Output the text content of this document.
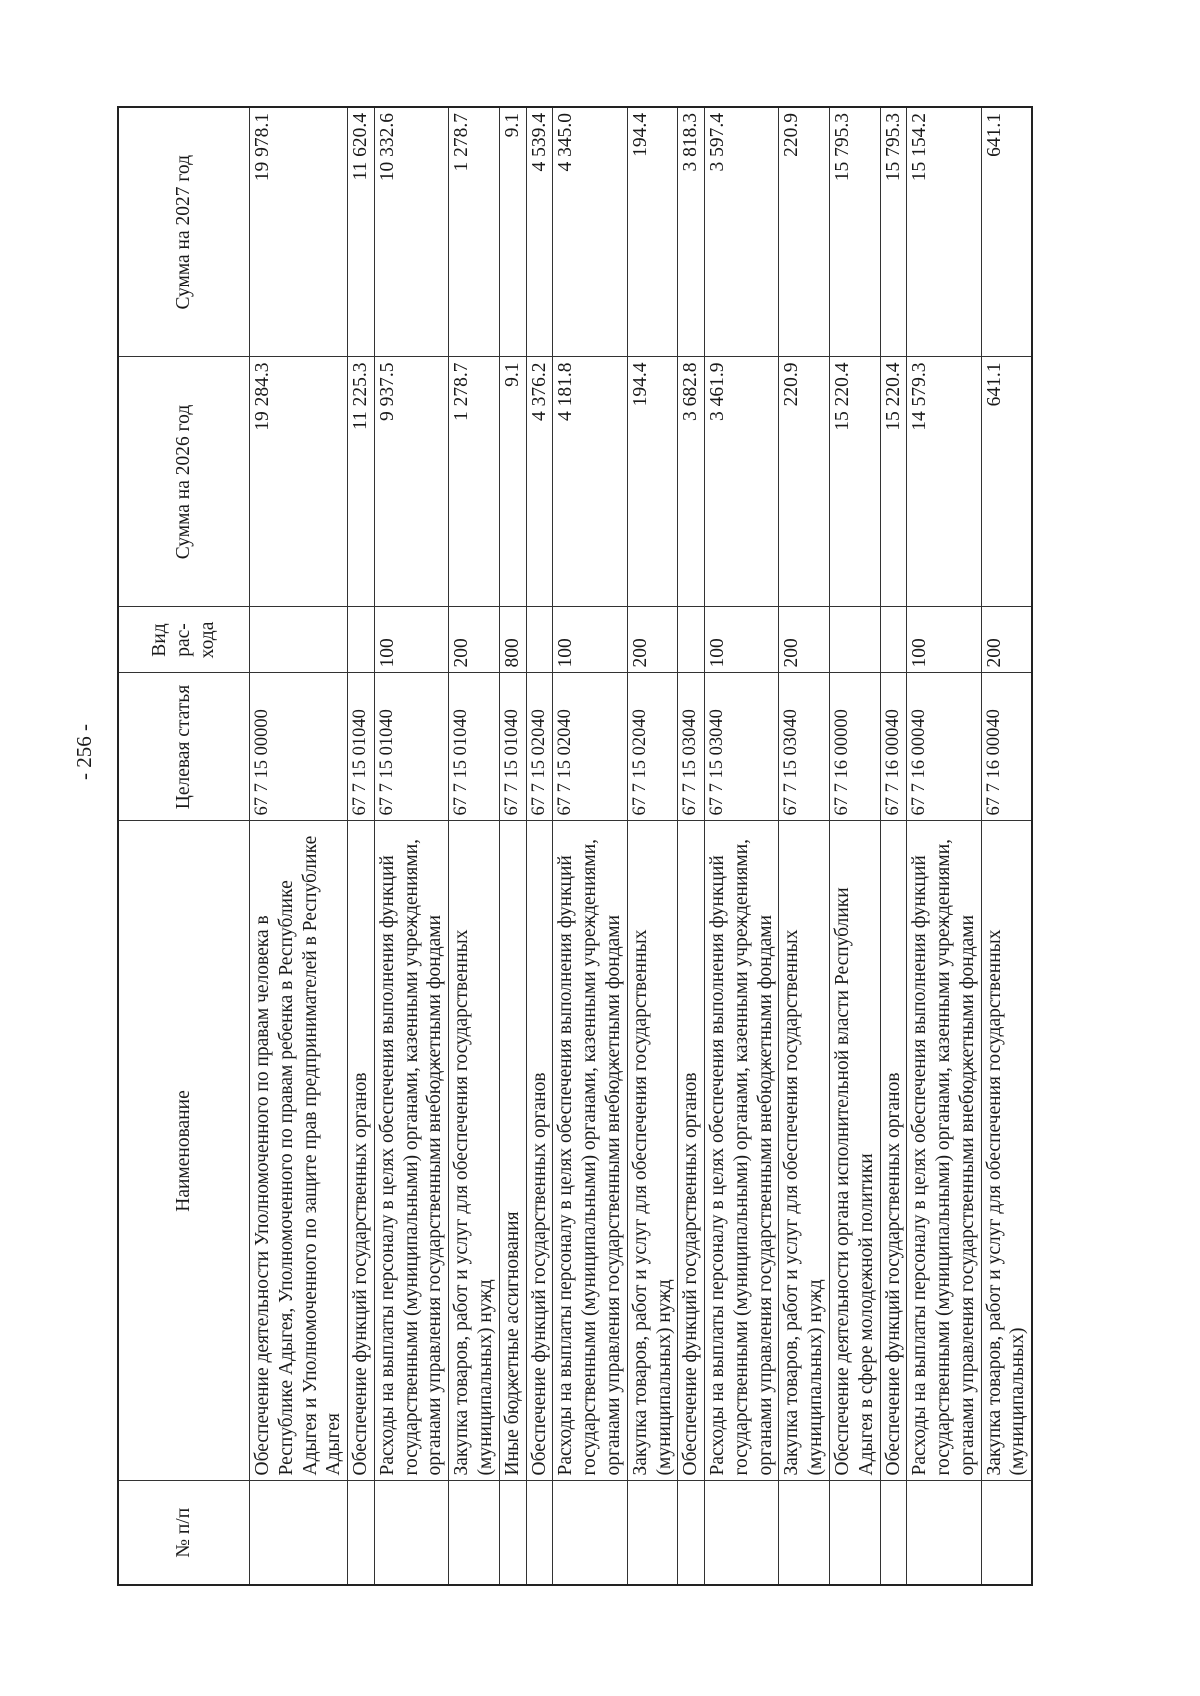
- 256 -
№ п/п	Наименование	Целевая статья	Вид рас-хода	Сумма на 2026 год	Сумма на 2027 год
	Обеспечение деятельности Уполномоченного по правам человека в Республике Адыгея, Уполномоченного по правам ребенка в Республике Адыгея и Уполномоченного по защите прав предпринимателей в Республике Адыгея	67 7 15 00000		19 284.3	19 978.1
	Обеспечение функций государственных органов	67 7 15 01040		11 225.3	11 620.4
	Расходы на выплаты персоналу в целях обеспечения выполнения функций государственными (муниципальными) органами, казенными учреждениями, органами управления государственными внебюджетными фондами	67 7 15 01040	100	9 937.5	10 332.6
	Закупка товаров, работ и услуг для обеспечения государственных (муниципальных) нужд	67 7 15 01040	200	1 278.7	1 278.7
	Иные бюджетные ассигнования	67 7 15 01040	800	9.1	9.1
	Обеспечение функций государственных органов	67 7 15 02040		4 376.2	4 539.4
	Расходы на выплаты персоналу в целях обеспечения выполнения функций государственными (муниципальными) органами, казенными учреждениями, органами управления государственными внебюджетными фондами	67 7 15 02040	100	4 181.8	4 345.0
	Закупка товаров, работ и услуг для обеспечения государственных (муниципальных) нужд	67 7 15 02040	200	194.4	194.4
	Обеспечение функций государственных органов	67 7 15 03040		3 682.8	3 818.3
	Расходы на выплаты персоналу в целях обеспечения выполнения функций государственными (муниципальными) органами, казенными учреждениями, органами управления государственными внебюджетными фондами	67 7 15 03040	100	3 461.9	3 597.4
	Закупка товаров, работ и услуг для обеспечения государственных (муниципальных) нужд	67 7 15 03040	200	220.9	220.9
	Обеспечение деятельности органа исполнительной власти Республики Адыгея в сфере молодежной политики	67 7 16 00000		15 220.4	15 795.3
	Обеспечение функций государственных органов	67 7 16 00040		15 220.4	15 795.3
	Расходы на выплаты персоналу в целях обеспечения выполнения функций государственными (муниципальными) органами, казенными учреждениями, органами управления государственными внебюджетными фондами	67 7 16 00040	100	14 579.3	15 154.2
	Закупка товаров, работ и услуг для обеспечения государственных (муниципальных)	67 7 16 00040	200	641.1	641.1
